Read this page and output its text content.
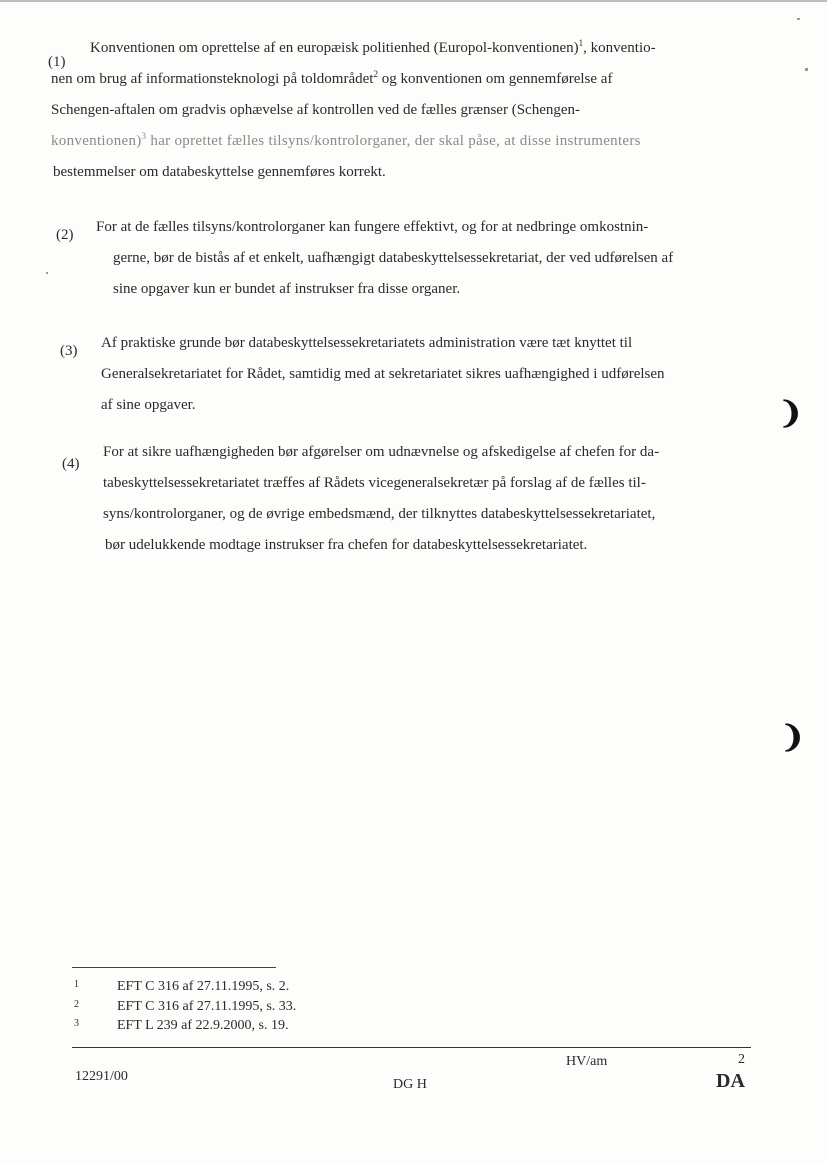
(1)
Konventionen om oprettelse af en europæisk politienhed (Europol-konventionen)$^1$, konventio-
nen om brug af informationsteknologi på toldområdet$^2$ og konventionen om gennemførelse af
Schengen-aftalen om gradvis ophævelse af kontrollen ved de fælles grænser (Schengen-
konventionen)$^3$ har oprettet fælles tilsyns/kontrolorganer, der skal påse, at disse instrumenters
bestemmelser om databeskyttelse gennemføres korrekt.
(2) For at de fælles tilsyns/kontrolorganer kan fungere effektivt, og for at nedbringe omkostnin-
gerne, bør de bistås af et enkelt, uafhængigt databeskyttelsessekretariat, der ved udførelsen af
sine opgaver kun er bundet af instrukser fra disse organer.
(3) Af praktiske grunde bør databeskyttelsessekretariatets administration være tæt knyttet til
Generalsekretariatet for Rådet, samtidig med at sekretariatet sikres uafhængighed i udførelsen
af sine opgaver.
(4)
For at sikre uafhængigheden bør afgørelser om udnævnelse og afskedigelse af chefen for da-
tabeskyttelsessekretariatet træffes af Rådets vicegeneralsekretær på forslag af de fælles til-
syns/kontrolorganer, og de øvrige embedsmænd, der tilknyttes databeskyttelsessekretariatet,
bør udelukkende modtage instrukser fra chefen for databeskyttelsessekretariatet.
1	EFT C 316 af 27.11.1995, s. 2.
2	EFT C 316 af 27.11.1995, s. 33.
3	EFT L 239 af 22.9.2000, s. 19.
12291/00
HV/am	2
DG H	DA
❩
❩
